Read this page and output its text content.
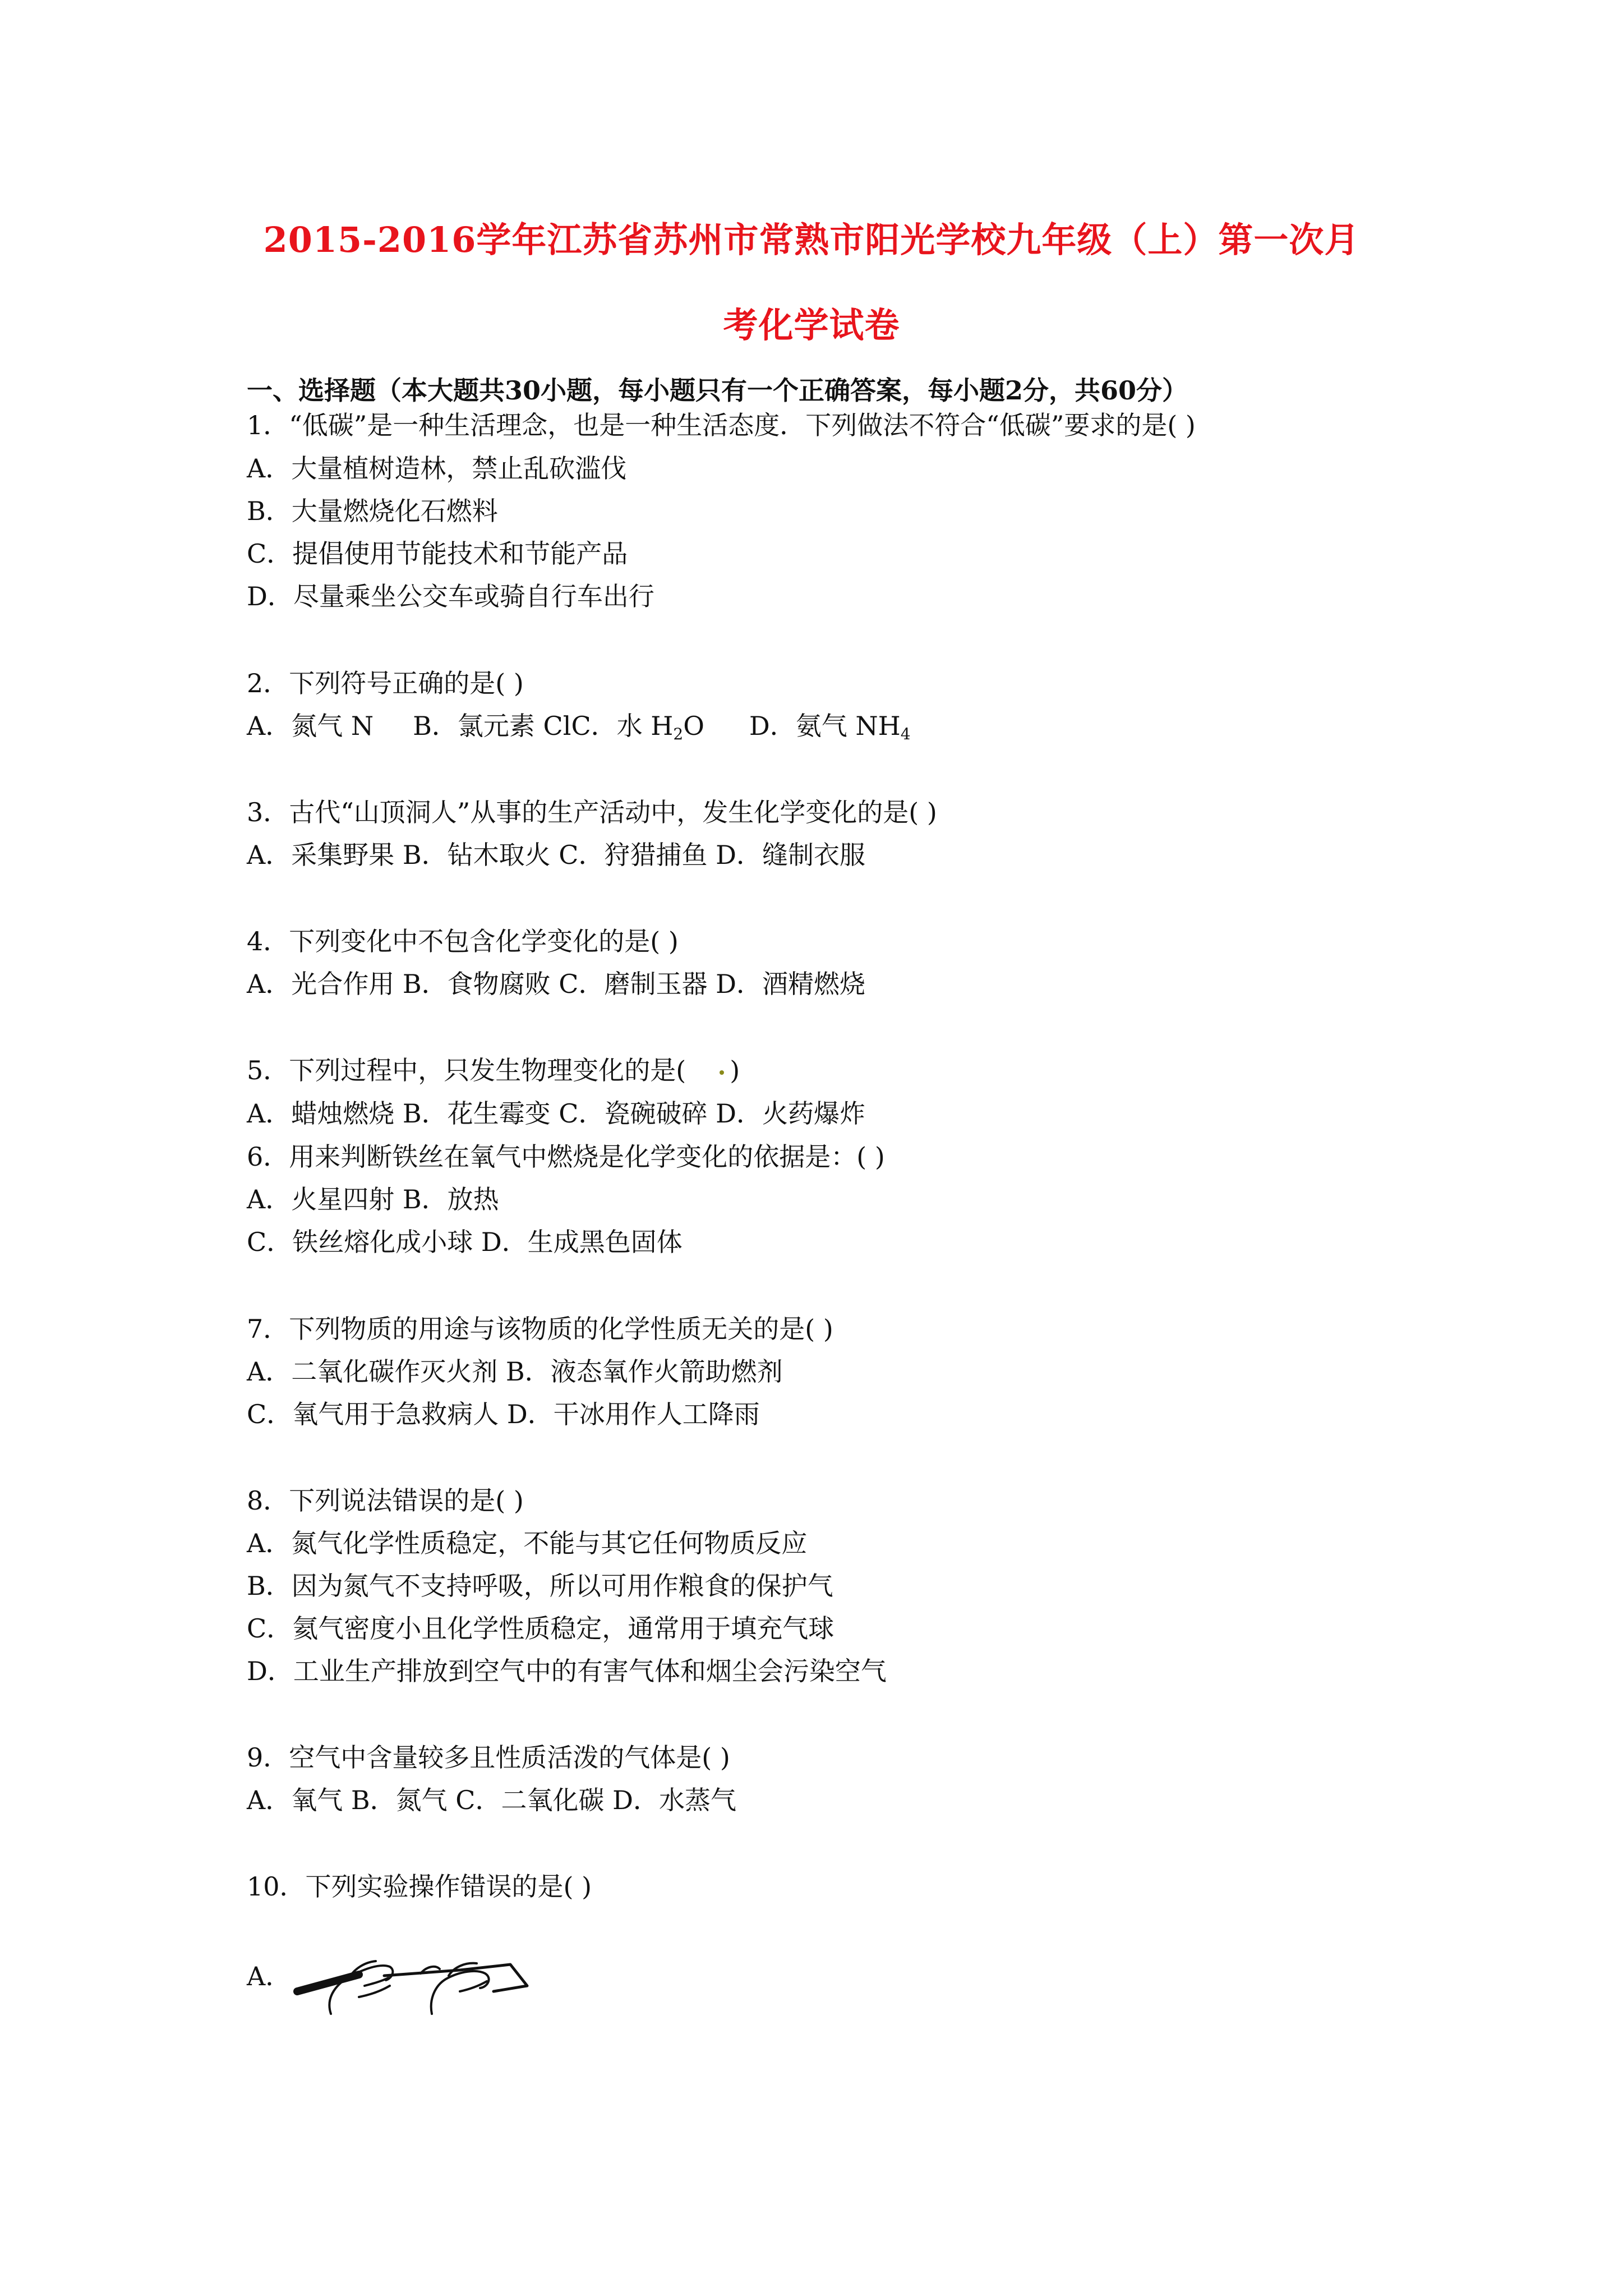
2015-2016学年江苏省苏州市常熟市阳光学校九年级（上）第一次月
考化学试卷
一、选择题（本大题共30小题，每小题只有一个正确答案，每小题2分，共60分）
1．“低碳”是一种生活理念，也是一种生活态度．下列做法不符合“低碳”要求的是( )
A．大量植树造林，禁止乱砍滥伐
B．大量燃烧化石燃料
C．提倡使用节能技术和节能产品
D．尽量乘坐公交车或骑自行车出行
2．下列符号正确的是( )
A．氮气 N B．氯元素 ClC．水 $H_2O$ D．氨气 $NH_4$
3．古代“山顶洞人”从事的生产活动中，发生化学变化的是( )
A．采集野果 B．钻木取火 C．狩猎捕鱼 D．缝制衣服
4．下列变化中不包含化学变化的是( )
A．光合作用 B．食物腐败 C．磨制玉器 D．酒精燃烧
5．下列过程中，只发生物理变化的是( )
A．蜡烛燃烧 B．花生霉变 C．瓷碗破碎 D．火药爆炸
6．用来判断铁丝在氧气中燃烧是化学变化的依据是：( )
A．火星四射 B．放热
C．铁丝熔化成小球 D．生成黑色固体
7．下列物质的用途与该物质的化学性质无关的是( )
A．二氧化碳作灭火剂 B．液态氧作火箭助燃剂
C．氧气用于急救病人 D．干冰用作人工降雨
8．下列说法错误的是( )
A．氮气化学性质稳定，不能与其它任何物质反应
B．因为氮气不支持呼吸，所以可用作粮食的保护气
C．氦气密度小且化学性质稳定，通常用于填充气球
D．工业生产排放到空气中的有害气体和烟尘会污染空气
9．空气中含量较多且性质活泼的气体是( )
A．氧气 B．氮气 C．二氧化碳 D．水蒸气
10．下列实验操作错误的是( )
A．
